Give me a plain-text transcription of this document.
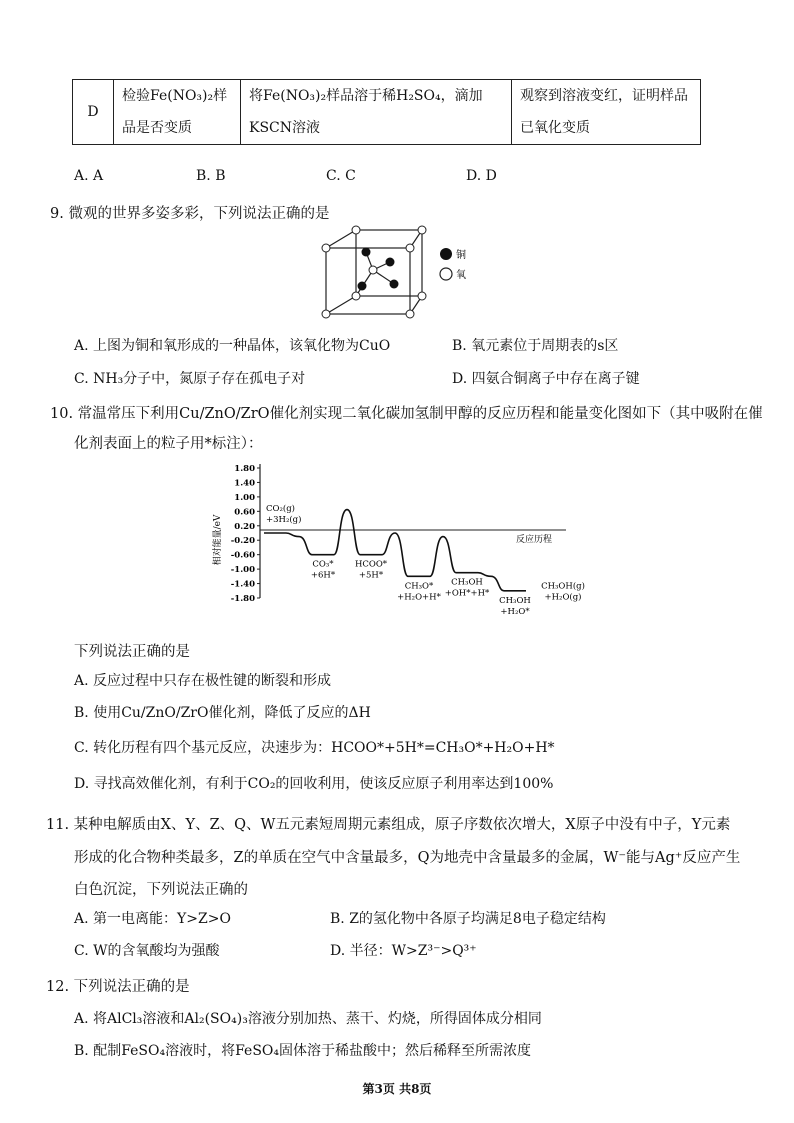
D	
检验Fe(NO₃)₂样
品是否变质

将Fe(NO₃)₂样品溶于稀H₂SO₄，滴加
KSCN溶液

观察到溶液变红，证明样品
已氧化变质
A. A	B. B	C. C	D. D
9. 微观的世界多姿多彩，下列说法正确的是
铜
氧
A. 上图为铜和氧形成的一种晶体，该氧化物为CuO	B. 氧元素位于周期表的s区
C. NH₃分子中，氮原子存在孤电子对	D. 四氨合铜离子中存在离子键
10. 常温常压下利用Cu/ZnO/ZrO催化剂实现二氧化碳加氢制甲醇的反应历程和能量变化图如下（其中吸附在催
化剂表面上的粒子用*标注）：
相对能量/eV
1.80
1.40
1.00
0.60
0.20
-0.20
-0.60
-1.00
-1.40
-1.80
CO₂(g)
+3H₂(g)
CO₃*
+6H*
HCOO*
+5H*
CH₃O*
+H₂O+H*
CH₃OH
+OH*+H*
CH₃OH
+H₂O*
CH₃OH(g)
+H₂O(g)
反应历程
下列说法正确的是
A. 反应过程中只存在极性键的断裂和形成
B. 使用Cu/ZnO/ZrO催化剂，降低了反应的ΔH
C. 转化历程有四个基元反应，决速步为：HCOO*+5H*=CH₃O*+H₂O+H*
D. 寻找高效催化剂，有利于CO₂的回收利用，使该反应原子利用率达到100%
11. 某种电解质由X、Y、Z、Q、W五元素短周期元素组成，原子序数依次增大，X原子中没有中子，Y元素
形成的化合物种类最多，Z的单质在空气中含量最多，Q为地壳中含量最多的金属，W⁻能与Ag⁺反应产生
白色沉淀，下列说法正确的
A. 第一电离能：Y>Z>O	B. Z的氢化物中各原子均满足8电子稳定结构
C. W的含氧酸均为强酸	D. 半径：W>Z³⁻>Q³⁺
12. 下列说法正确的是
A. 将AlCl₃溶液和Al₂(SO₄)₃溶液分别加热、蒸干、灼烧，所得固体成分相同
B. 配制FeSO₄溶液时，将FeSO₄固体溶于稀盐酸中；然后稀释至所需浓度
第3页 共8页
